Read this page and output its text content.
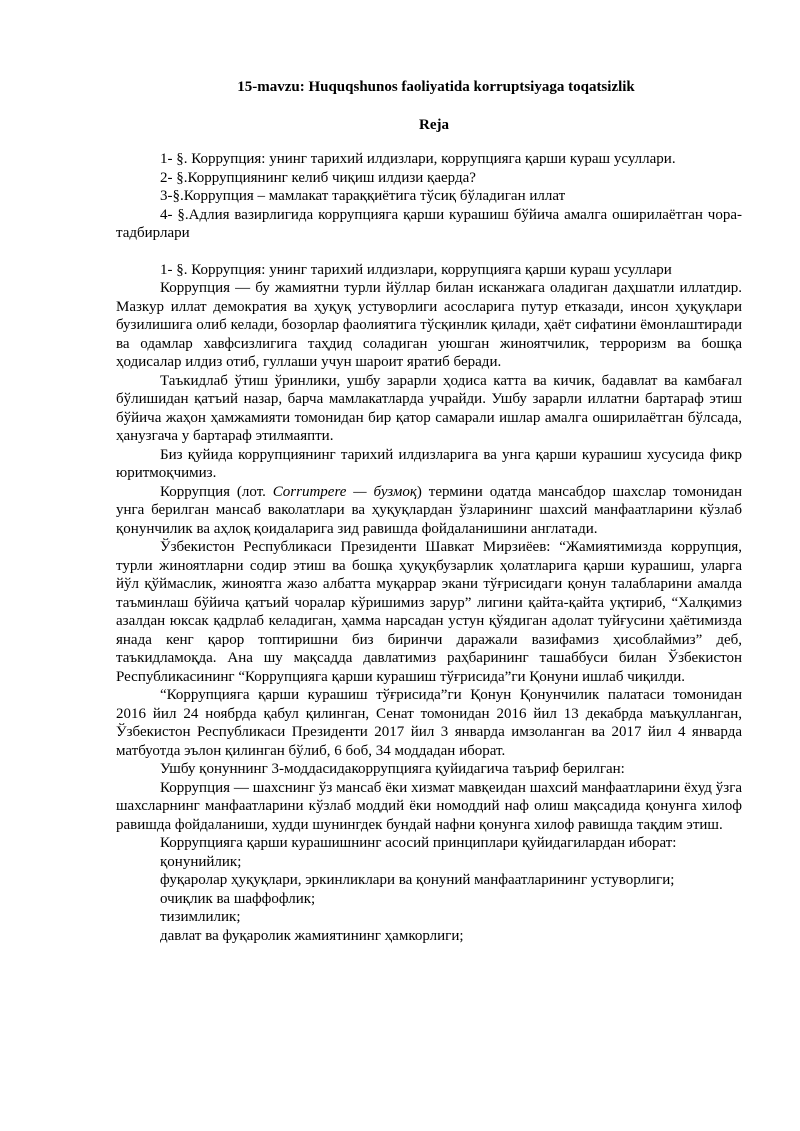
15-mavzu: Huquqshunos faoliyatida korruptsiyaga toqatsizlik

Reja

1- §. Коррупция: унинг тарихий илдизлари, коррупцияга қарши кураш усуллари.

2- §.Коррупциянинг келиб чиқиш илдизи қаерда?

3-§.Коррупция – мамлакат тараққиётига тўсиқ бўладиган иллат

4- §.Адлия вазирлигида коррупцияга қарши курашиш бўйича амалга оширилаётган чора-тадбирлари

1- §. Коррупция: унинг тарихий илдизлари, коррупцияга қарши кураш усуллари

Коррупция — бу жамиятни турли йўллар билан исканжага оладиган даҳшатли иллатдир. Мазкур иллат демократия ва ҳуқуқ устуворлиги асосларига путур етказади, инсон ҳуқуқлари бузилишига олиб келади, бозорлар фаолиятига тўсқинлик қилади, ҳаёт сифатини ёмонлаштиради ва одамлар хавфсизлигига таҳдид соладиган уюшган жиноятчилик, терроризм ва бошқа ҳодисалар илдиз отиб, гуллаши учун шароит яратиб беради.

Таъкидлаб ўтиш ўринлики, ушбу зарарли ҳодиса катта ва кичик, бадавлат ва камбағал бўлишидан қатъий назар, барча мамлакатларда учрайди. Ушбу зарарли иллатни бартараф этиш бўйича жаҳон ҳамжамияти томонидан бир қатор самарали ишлар амалга оширилаётган бўлсада, ҳанузгача у бартараф этилмаяпти.

Биз қуйида коррупциянинг тарихий илдизларига ва унга қарши курашиш хусусида фикр юритмоқчимиз.

Коррупция (лот. Corrumpere — бузмоқ) термини одатда мансабдор шахслар томонидан унга берилган мансаб ваколатлари ва ҳуқуқлардан ўзларининг шахсий манфаатларини кўзлаб қонунчилик ва аҳлоқ қоидаларига зид равишда фойдаланишини англатади.

Ўзбекистон Республикаси Президенти Шавкат Мирзиёев: “Жамиятимизда коррупция, турли жиноятларни содир этиш ва бошқа ҳуқуқбузарлик ҳолатларига қарши курашиш, уларга йўл қўймаслик, жиноятга жазо албатта муқаррар экани тўғрисидаги қонун талабларини амалда таъминлаш бўйича қатъий чоралар кўришимиз зарур” лигини қайта-қайта уқтириб, “Халқимиз азалдан юксак қадрлаб келадиган, ҳамма нарсадан устун қўядиган адолат туйғусини ҳаётимизда янада кенг қарор топтиришни биз биринчи даражали вазифамиз ҳисоблаймиз” деб, таъкидламоқда. Ана шу мақсадда давлатимиз раҳбарининг ташаббуси билан Ўзбекистон Республикасининг “Коррупцияга қарши курашиш тўғрисида”ги Қонуни ишлаб чиқилди.

“Коррупцияга қарши курашиш тўғрисида”ги Қонун Қонунчилик палатаси томонидан 2016 йил 24 ноябрда қабул қилинган, Сенат томонидан 2016 йил 13 декабрда маъқулланган, Ўзбекистон Республикаси Президенти 2017 йил 3 январда имзоланган ва 2017 йил 4 январда матбуотда эълон қилинган бўлиб, 6 боб, 34 моддадан иборат.

Ушбу қонуннинг 3-моддасидакоррупцияга қуйидагича таъриф берилган:

Коррупция — шахснинг ўз мансаб ёки хизмат мавқеидан шахсий манфаатларини ёхуд ўзга шахсларнинг манфаатларини кўзлаб моддий ёки номоддий наф олиш мақсадида қонунга хилоф равишда фойдаланиши, худди шунингдек бундай нафни қонунга хилоф равишда тақдим этиш.

Коррупцияга қарши курашишнинг асосий принциплари қуйидагилардан иборат:

қонунийлик;

фуқаролар ҳуқуқлари, эркинликлари ва қонуний манфаатларининг устуворлиги;

очиқлик ва шаффофлик;

тизимлилик;

давлат ва фуқаролик жамиятининг ҳамкорлиги;
